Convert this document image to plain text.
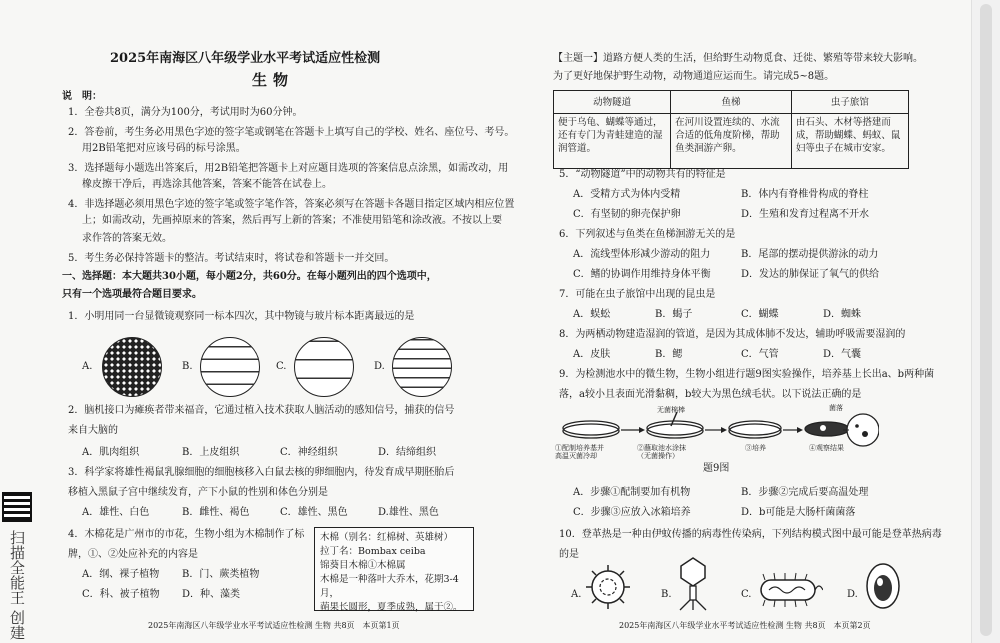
扫描全能王 创建
2025年南海区八年级学业水平考试适应性检测
生物
说　明：
1．全卷共8页，满分为100分，考试用时为60分钟。
2．答卷前，考生务必用黑色字迹的签字笔或钢笔在答题卡上填写自己的学校、姓名、座位号、考号。
用2B铅笔把对应该号码的标号涂黑。
3．选择题每小题选出答案后，用2B铅笔把答题卡上对应题目选项的答案信息点涂黑，如需改动，用
橡皮擦干净后，再选涂其他答案，答案不能答在试卷上。
4．非选择题必须用黑色字迹的签字笔或签字笔作答，答案必须写在答题卡各题目指定区域内相应位置
上；如需改动，先画掉原来的答案，然后再写上新的答案；不准使用铅笔和涂改液。不按以上要
求作答的答案无效。
5．考生务必保持答题卡的整洁。考试结束时，将试卷和答题卡一并交回。
一、选择题：本大题共30小题，每小题2分，共60分。在每小题列出的四个选项中，
只有一个选项最符合题目要求。
1．小明用同一台显微镜观察同一标本四次，其中物镜与玻片标本距离最远的是
A.	B.	C.	D.
2．脑机接口为瘫痪者带来福音，它通过植入技术获取人脑活动的感知信号，捕获的信号
来自大脑的
A．肌肉组织	B．上皮组织	C．神经组织	D．结缔组织
3．科学家将雄性褐鼠乳腺细胞的细胞核移入白鼠去核的卵细胞内，待发育成早期胚胎后
移植入黑鼠子宫中继续发育，产下小鼠的性别和体色分别是
A．雄性、白色	B．雌性、褐色	C．雄性、黑色	D.雄性、黑色
4．木棉花是广州市的市花，生物小组为木棉制作了标
牌，①、②处应补充的内容是
A．纲、裸子植物 B．门、蕨类植物
C．科、被子植物 D．种、藻类
木棉（别名：红棉树、英雄树）
拉丁名：Bombax ceiba
锦葵目木棉①木棉属
木棉是一种落叶大乔木，花期3-4月，
蒴果长圆形，夏季成熟，属于②。
2025年南海区八年级学业水平考试适应性检测 生物 共8页　本页第1页
【主题一】道路方便人类的生活，但给野生动物觅食、迁徙、繁殖等带来较大影响。
为了更好地保护野生动物，动物通道应运而生。请完成5~8题。
动物隧道	鱼梯	虫子旅馆
便于乌龟、蝴蝶等通过，还有专门为青蛙建造的湿润管道。	在河川设置连续的、水流合适的低角度阶梯，帮助鱼类洄游产卵。	由石头、木材等搭建而成，帮助蝴蝶、蚂蚁、鼠妇等虫子在城市安家。
5．“动物隧道”中的动物共有的特征是
A．受精方式为体内受精	B．体内有脊椎骨构成的脊柱
C．有坚韧的卵壳保护卵	D．生殖和发育过程离不开水
6．下列叙述与鱼类在鱼梯洄游无关的是
A．流线型体形减少游动的阻力	B．尾部的摆动提供游泳的动力
C．鳍的协调作用维持身体平衡	D．发达的肺保证了氧气的供给
7．可能在虫子旅馆中出现的昆虫是
A．蜈蚣	B．蝎子	C．蝴蝶	D．蜘蛛
8．为两栖动物建造湿润的管道，是因为其成体肺不发达，辅助呼吸需要湿润的
A．皮肤	B．鳃	C．气管	D．气囊
9．为检测池水中的微生物，生物小组进行题9图实验操作，培养基上长出a、b两种菌
落，a较小且表面光滑黏稠，b较大为黑色绒毛状。以下说法正确的是
无菌棉棒	菌落
①配制培养基并
高温灭菌冷却
②蘸取池水涂抹
（无菌操作）
③培养	④观察结果
题9图
A．步骤①配制要加有机物	B．步骤②完成后要高温处理
C．步骤③应放入冰箱培养	D．b可能是大肠杆菌菌落
10．登革热是一种由伊蚊传播的病毒性传染病，下列结构模式图中最可能是登革热病毒
的是
A.	B.	C.	D.
2025年南海区八年级学业水平考试适应性检测 生物 共8页　本页第2页
